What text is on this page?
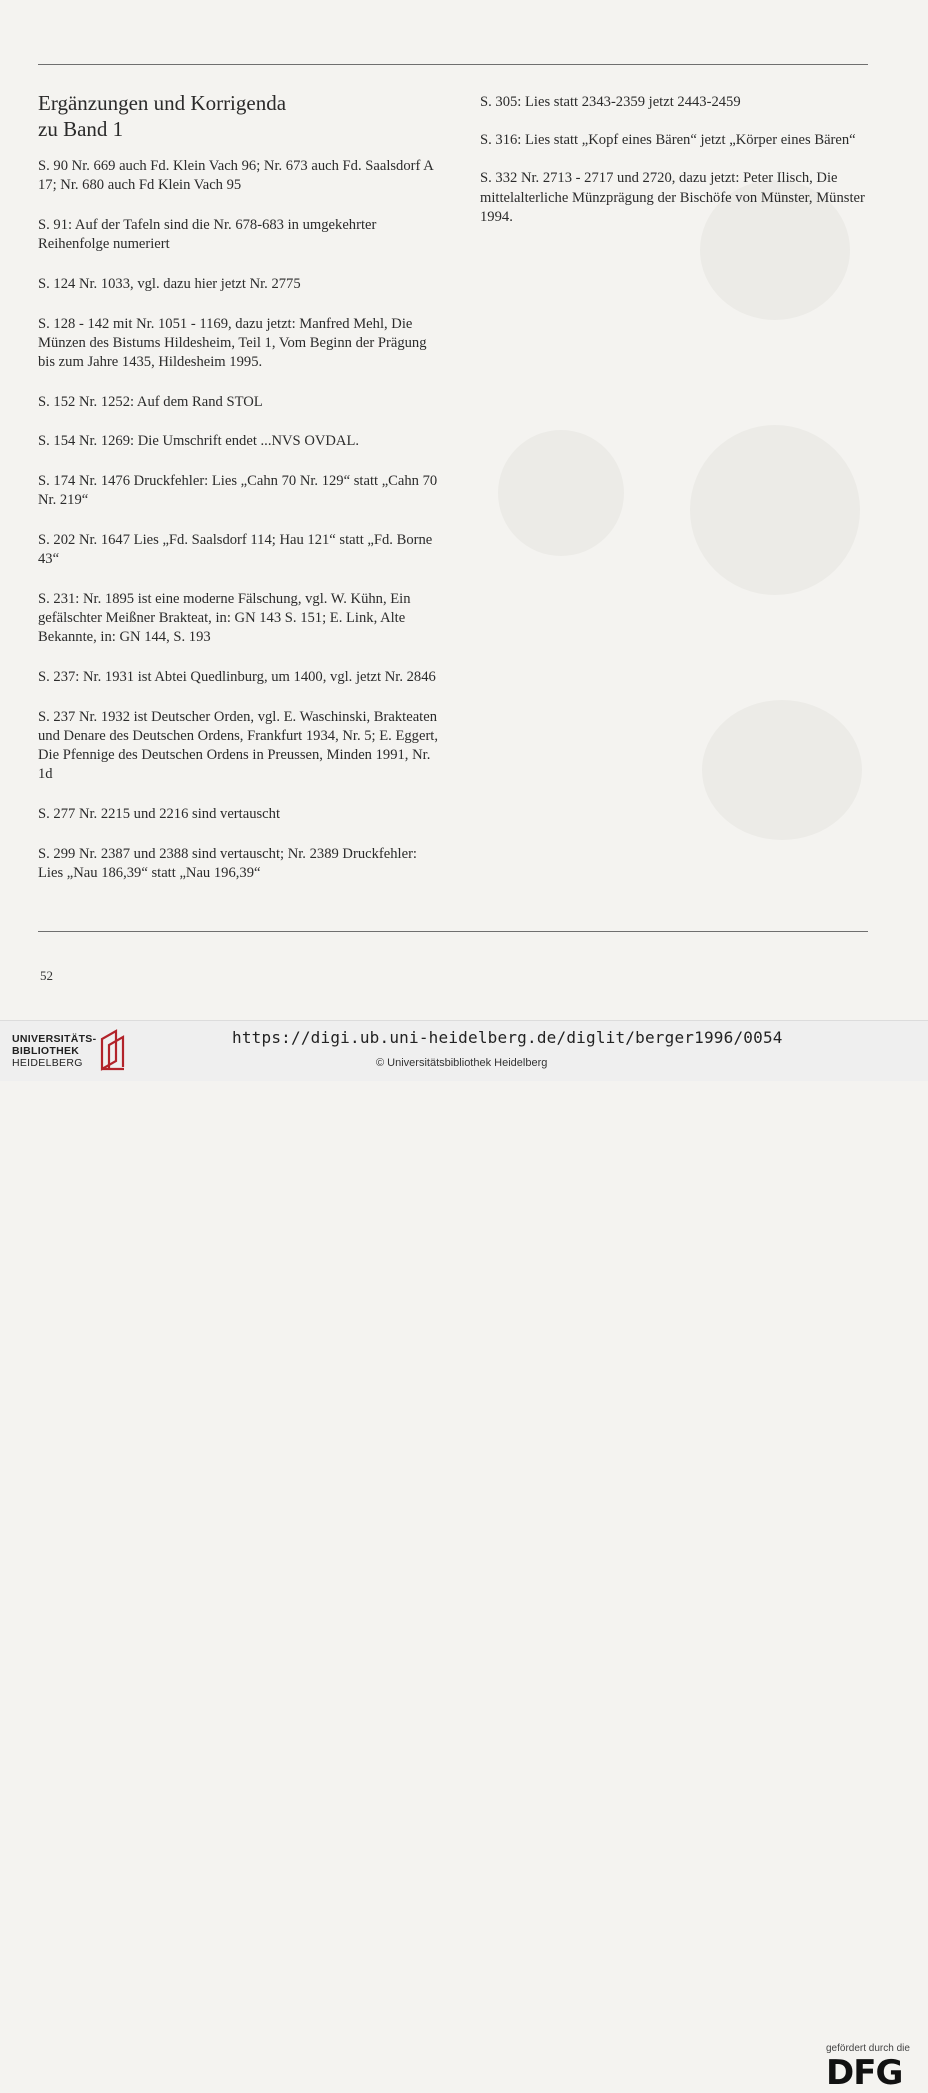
Ergänzungen und Korrigenda
zu Band 1

S. 90 Nr. 669 auch Fd. Klein Vach 96; Nr. 673 auch Fd. Saalsdorf A 17; Nr. 680 auch Fd Klein Vach 95

S. 91: Auf der Tafeln sind die Nr. 678-683 in umgekehrter Reihenfolge numeriert

S. 124 Nr. 1033, vgl. dazu hier jetzt Nr. 2775

S. 128 - 142 mit Nr. 1051 - 1169, dazu jetzt: Manfred Mehl, Die Münzen des Bistums Hildesheim, Teil 1, Vom Beginn der Prägung bis zum Jahre 1435, Hildesheim 1995.

S. 152 Nr. 1252: Auf dem Rand STOL

S. 154 Nr. 1269: Die Umschrift endet ...NVS OVDAL.

S. 174 Nr. 1476 Druckfehler: Lies „Cahn 70 Nr. 129“ statt „Cahn 70 Nr. 219“

S. 202 Nr. 1647 Lies „Fd. Saalsdorf 114; Hau 121“ statt „Fd. Borne 43“

S. 231: Nr. 1895 ist eine moderne Fälschung, vgl. W. Kühn, Ein gefälschter Meißner Brakteat, in: GN 143 S. 151; E. Link, Alte Bekannte, in: GN 144, S. 193

S. 237: Nr. 1931 ist Abtei Quedlinburg, um 1400, vgl. jetzt Nr. 2846

S. 237 Nr. 1932 ist Deutscher Orden, vgl. E. Waschinski, Brakteaten und Denare des Deutschen Ordens, Frankfurt 1934, Nr. 5; E. Eggert, Die Pfennige des Deutschen Ordens in Preussen, Minden 1991, Nr. 1d

S. 277 Nr. 2215 und 2216 sind vertauscht

S. 299 Nr. 2387 und 2388 sind vertauscht; Nr. 2389 Druckfehler: Lies „Nau 186,39“ statt „Nau 196,39“

S. 305: Lies statt 2343-2359 jetzt 2443-2459

S. 316: Lies statt „Kopf eines Bären“ jetzt „Körper eines Bären“

S. 332 Nr. 2713 - 2717 und 2720, dazu jetzt: Peter Ilisch, Die mittelalterliche Münzprägung der Bischöfe von Münster, Münster 1994.

52
UNIVERSITÄTS-
BIBLIOTHEK
HEIDELBERG
gefördert durch die
DFG
https://digi.ub.uni-heidelberg.de/diglit/berger1996/0054
© Universitätsbibliothek Heidelberg
